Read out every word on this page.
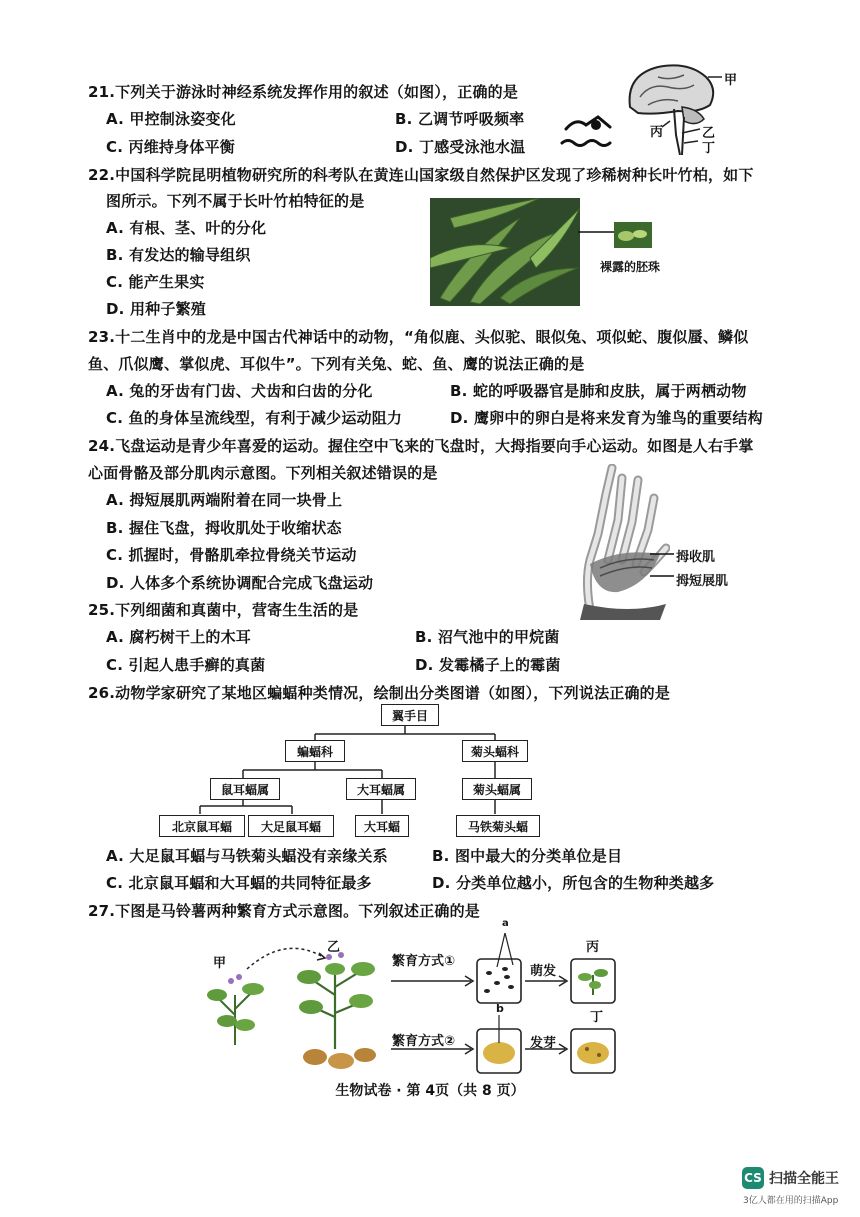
21.下列关于游泳时神经系统发挥作用的叙述（如图），正确的是
A. 甲控制泳姿变化	B. 乙调节呼吸频率
C. 丙维持身体平衡	D. 丁感受泳池水温
甲
乙
丙
丁
22.中国科学院昆明植物研究所的科考队在黄连山国家级自然保护区发现了珍稀树种长叶竹柏，如下
图所示。下列不属于长叶竹柏特征的是
A. 有根、茎、叶的分化
B. 有发达的输导组织
C. 能产生果实
D. 用种子繁殖
裸露的胚珠
23.十二生肖中的龙是中国古代神话中的动物，“角似鹿、头似驼、眼似兔、项似蛇、腹似蜃、鳞似
鱼、爪似鹰、掌似虎、耳似牛”。下列有关兔、蛇、鱼、鹰的说法正确的是
A. 兔的牙齿有门齿、犬齿和臼齿的分化	B. 蛇的呼吸器官是肺和皮肤，属于两栖动物
C. 鱼的身体呈流线型，有利于减少运动阻力	D. 鹰卵中的卵白是将来发育为雏鸟的重要结构
24.飞盘运动是青少年喜爱的运动。握住空中飞来的飞盘时，大拇指要向手心运动。如图是人右手掌
心面骨骼及部分肌肉示意图。下列相关叙述错误的是
A. 拇短展肌两端附着在同一块骨上
B. 握住飞盘，拇收肌处于收缩状态
C. 抓握时，骨骼肌牵拉骨绕关节运动
D. 人体多个系统协调配合完成飞盘运动
拇收肌
拇短展肌
25.下列细菌和真菌中，营寄生生活的是
A. 腐朽树干上的木耳	B. 沼气池中的甲烷菌
C. 引起人患手癣的真菌	D. 发霉橘子上的霉菌
26.动物学家研究了某地区蝙蝠种类情况，绘制出分类图谱（如图），下列说法正确的是
翼手目
蝙蝠科	菊头蝠科
鼠耳蝠属	大耳蝠属	菊头蝠属
北京鼠耳蝠	大足鼠耳蝠	大耳蝠	马铁菊头蝠
A. 大足鼠耳蝠与马铁菊头蝠没有亲缘关系	B. 图中最大的分类单位是目
C. 北京鼠耳蝠和大耳蝠的共同特征最多	D. 分类单位越小，所包含的生物种类越多
27.下图是马铃薯两种繁育方式示意图。下列叙述正确的是
甲
乙	丙
丁
繁育方式①
繁育方式②
萌发
发芽
a
b
生物试卷 · 第 4页（共 8 页）
CS 扫描全能王
3亿人都在用的扫描App
